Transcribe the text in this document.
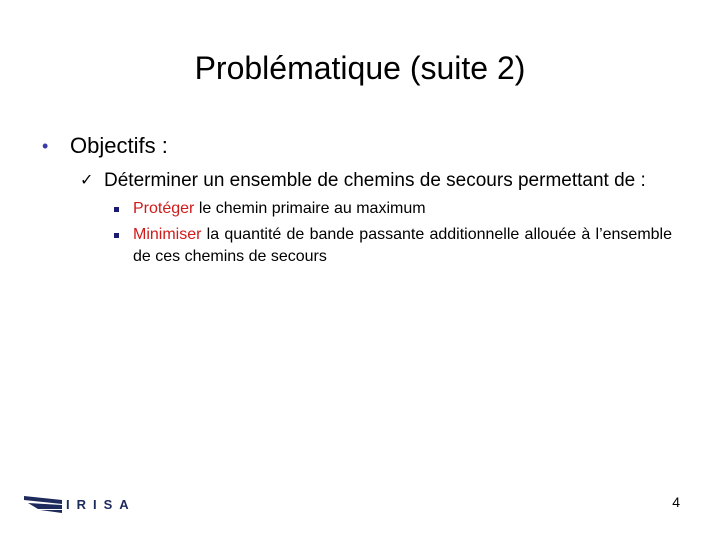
Problématique (suite 2)
• Objectifs :
✓ Déterminer un ensemble de chemins de secours permettant de :
Protéger le chemin primaire au maximum
Minimiser la quantité de bande passante additionnelle allouée à l’ensemble de ces chemins de secours
IRISA	4
